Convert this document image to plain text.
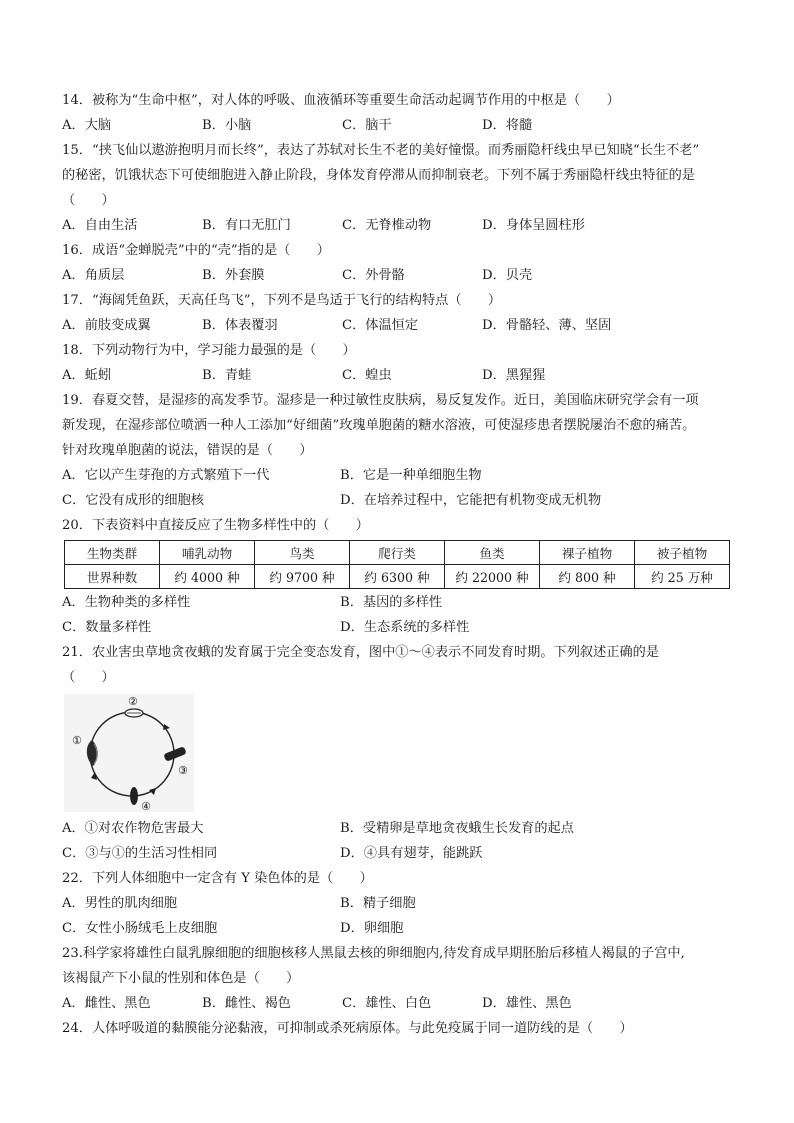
14．被称为“生命中枢”，对人体的呼吸、血液循环等重要生命活动起调节作用的中枢是（　　）
A．大脑	B．小脑	C．脑干	D．将髓
15．“挟飞仙以遨游抱明月而长终”，表达了苏轼对长生不老的美好憧憬。而秀丽隐杆线虫早已知晓“长生不老”
的秘密，饥饿状态下可使细胞进入静止阶段，身体发育停滞从而抑制衰老。下列不属于秀丽隐杆线虫特征的是
（　　）
A．自由生活	B．有口无肛门	C．无脊椎动物	D．身体呈圆柱形
16．成语“金蝉脱壳”中的“壳”指的是（　　）
A．角质层	B．外套膜	C．外骨骼	D．贝壳
17．“海阔凭鱼跃，天高任鸟飞”，下列不是鸟适于飞行的结构特点（　　）
A．前肢变成翼	B．体表覆羽	C．体温恒定	D．骨骼轻、薄、坚固
18．下列动物行为中，学习能力最强的是（　　）
A．蚯蚓	B．青蛙	C．蝗虫	D．黑猩猩
19．春夏交替，是湿疹的高发季节。湿疹是一种过敏性皮肤病，易反复发作。近日，美国临床研究学会有一项
新发现，在湿疹部位喷洒一种人工添加“好细菌”玫瑰单胞菌的糖水溶液，可使湿疹患者摆脱屡治不愈的痛苦。
针对玫瑰单胞菌的说法，错误的是（　　）
A．它以产生芽孢的方式繁殖下一代	B．它是一种单细胞生物
C．它没有成形的细胞核	D．在培养过程中，它能把有机物变成无机物
20．下表资料中直接反应了生物多样性中的（　　）
生物类群	哺乳动物	鸟类	爬行类	鱼类	裸子植物	被子植物
世界种数	约 4000 种	约 9700 种	约 6300 种	约 22000 种	约 800 种	约 25 万种
A．生物种类的多样性	B．基因的多样性
C．数量多样性	D．生态系统的多样性
21．农业害虫草地贪夜蛾的发育属于完全变态发育，图中①～④表示不同发育时期。下列叙述正确的是
（　　）
①
②
③
④
A．①对农作物危害最大	B．受精卵是草地贪夜蛾生长发育的起点
C．③与①的生活习性相同	D．④具有翅芽，能跳跃
22．下列人体细胞中一定含有 Y 染色体的是（　　）
A．男性的肌肉细胞	B．精子细胞
C．女性小肠绒毛上皮细胞	D．卵细胞
23.科学家将雄性白鼠乳腺细胞的细胞核移人黑鼠去核的卵细胞内,待发育成早期胚胎后移植人褐鼠的子宫中,
该褐鼠产下小鼠的性别和体色是（　　）
A．雌性、黑色	B．雌性、褐色	C．雄性、白色	D．雄性、黑色
24．人体呼吸道的黏膜能分泌黏液，可抑制或杀死病原体。与此免疫属于同一道防线的是（　　）
